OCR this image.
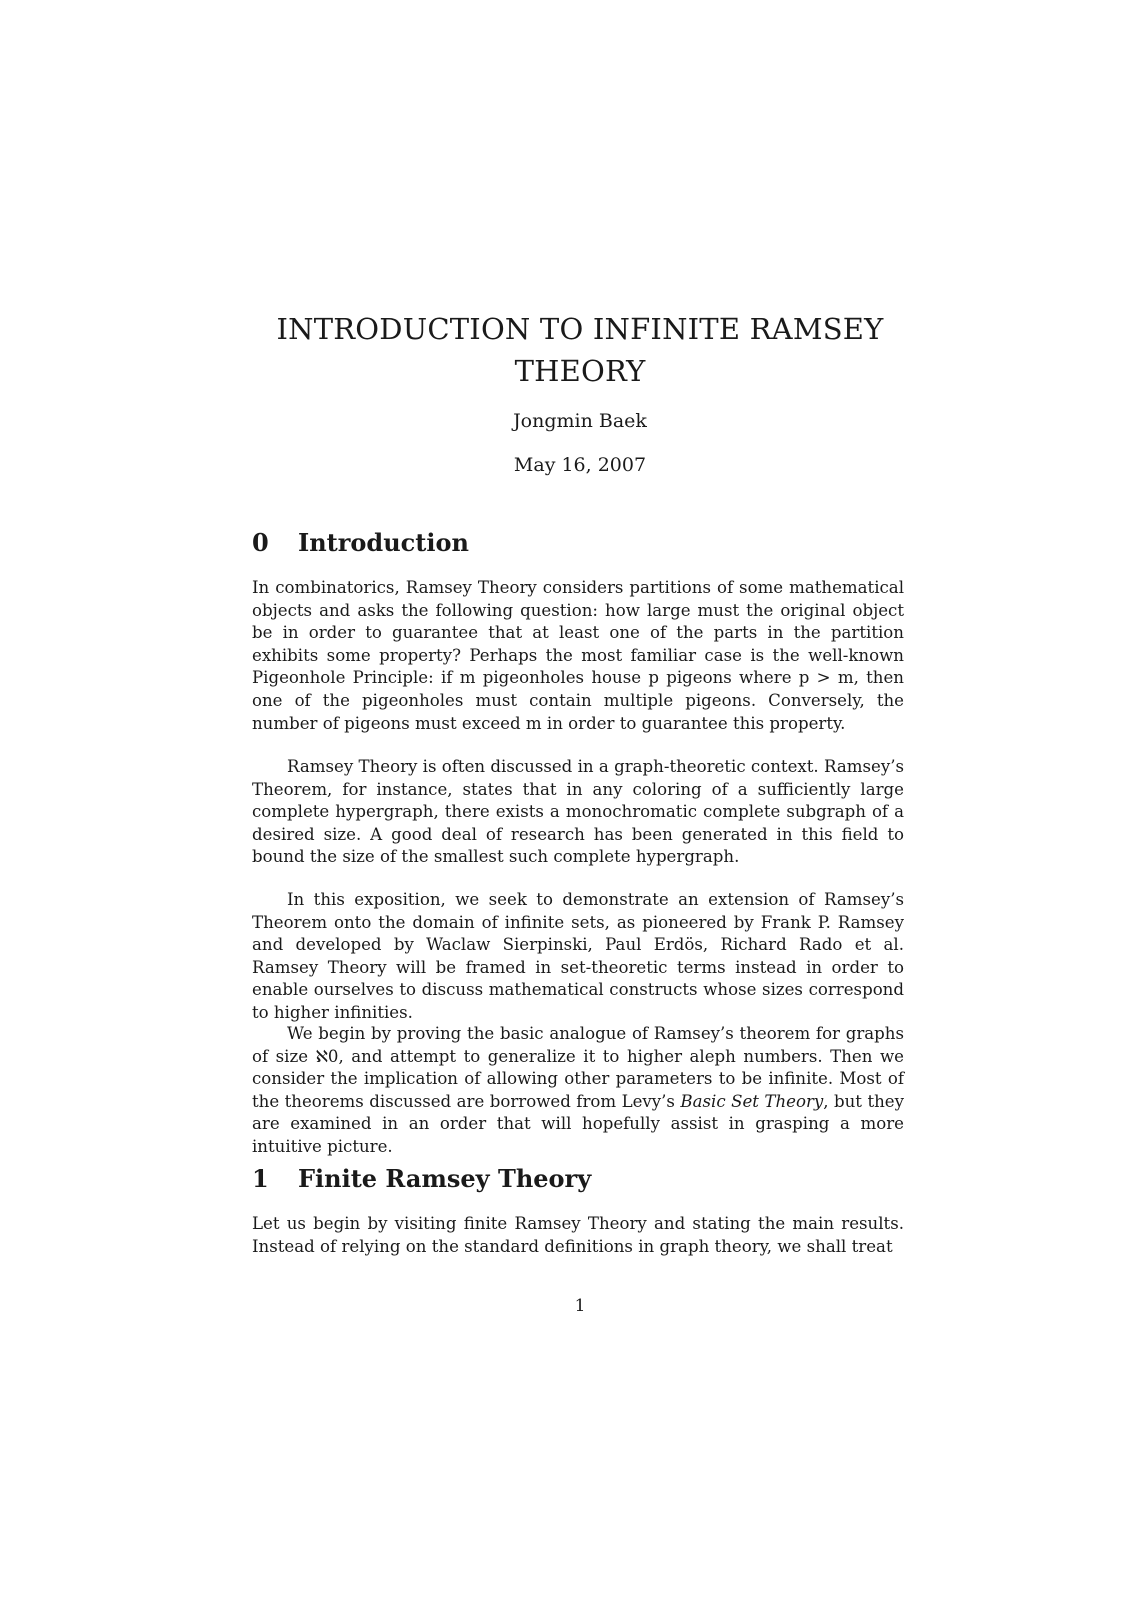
INTRODUCTION TO INFINITE RAMSEY THEORY
Jongmin Baek
May 16, 2007
0 Introduction

In combinatorics, Ramsey Theory considers partitions of some mathematical objects and asks the following question: how large must the original object be in order to guarantee that at least one of the parts in the partition exhibits some property? Perhaps the most familiar case is the well-known Pigeonhole Principle: if m pigeonholes house p pigeons where p > m, then one of the pigeonholes must contain multiple pigeons. Conversely, the number of pigeons must exceed m in order to guarantee this property.

Ramsey Theory is often discussed in a graph-theoretic context. Ramsey’s Theorem, for instance, states that in any coloring of a sufficiently large complete hypergraph, there exists a monochromatic complete subgraph of a desired size. A good deal of research has been generated in this field to bound the size of the smallest such complete hypergraph.

In this exposition, we seek to demonstrate an extension of Ramsey’s Theorem onto the domain of infinite sets, as pioneered by Frank P. Ramsey and developed by Waclaw Sierpinski, Paul Erdös, Richard Rado et al. Ramsey Theory will be framed in set-theoretic terms instead in order to enable ourselves to discuss mathematical constructs whose sizes correspond to higher infinities.

We begin by proving the basic analogue of Ramsey’s theorem for graphs of size ℵ0, and attempt to generalize it to higher aleph numbers. Then we consider the implication of allowing other parameters to be infinite. Most of the theorems discussed are borrowed from Levy’s Basic Set Theory, but they are examined in an order that will hopefully assist in grasping a more intuitive picture.

1 Finite Ramsey Theory

Let us begin by visiting finite Ramsey Theory and stating the main results. Instead of relying on the standard definitions in graph theory, we shall treat

1
